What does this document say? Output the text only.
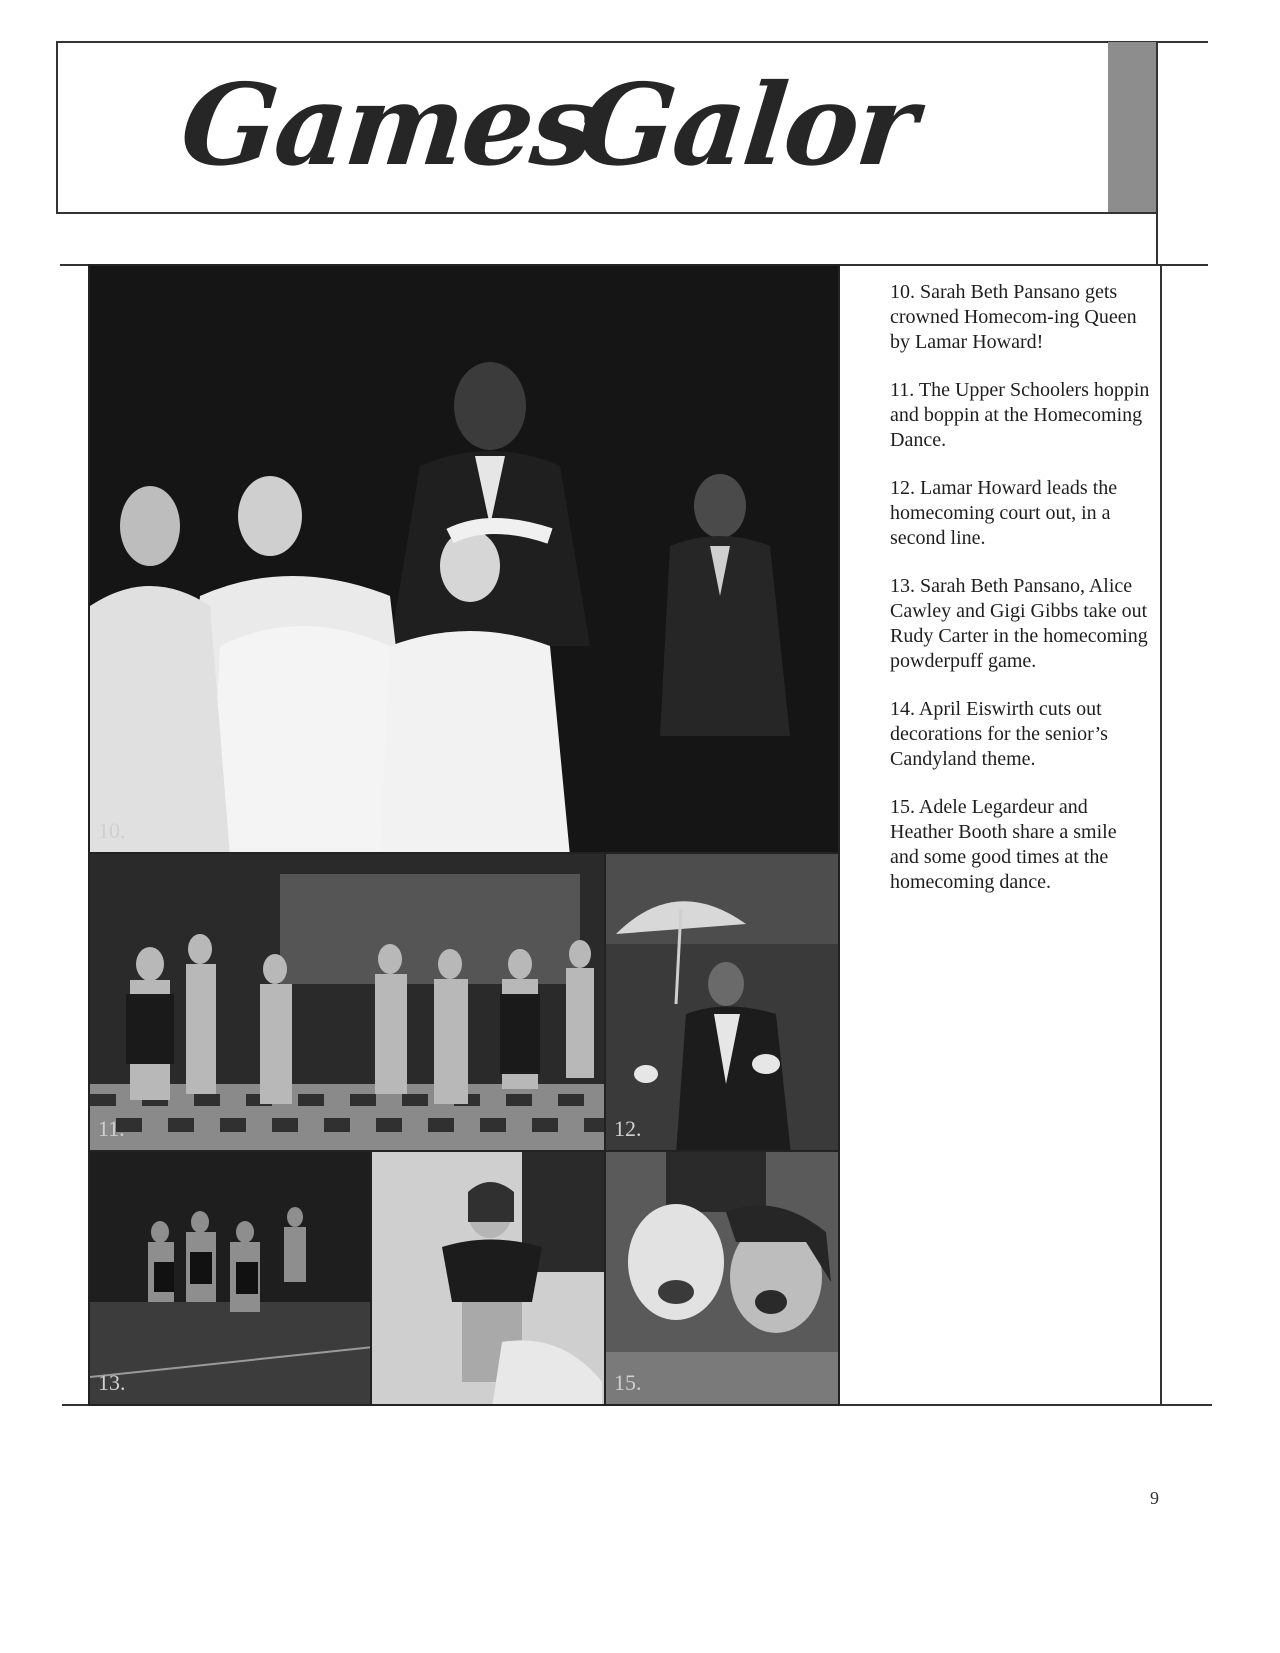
Games
Galor
10.
11.	12.
13.	14.	15.

10. Sarah Beth Pansano gets crowned Homecom-ing Queen by Lamar Howard!

11. The Upper Schoolers hoppin and boppin at the Homecoming Dance.

12. Lamar Howard leads the homecoming court out, in a second line.

13. Sarah Beth Pansano, Alice Cawley and Gigi Gibbs take out Rudy Carter in the homecoming powderpuff game.

14. April Eiswirth cuts out decorations for the senior’s Candyland theme.

15. Adele Legardeur and Heather Booth share a smile and some good times at the homecoming dance.

9
